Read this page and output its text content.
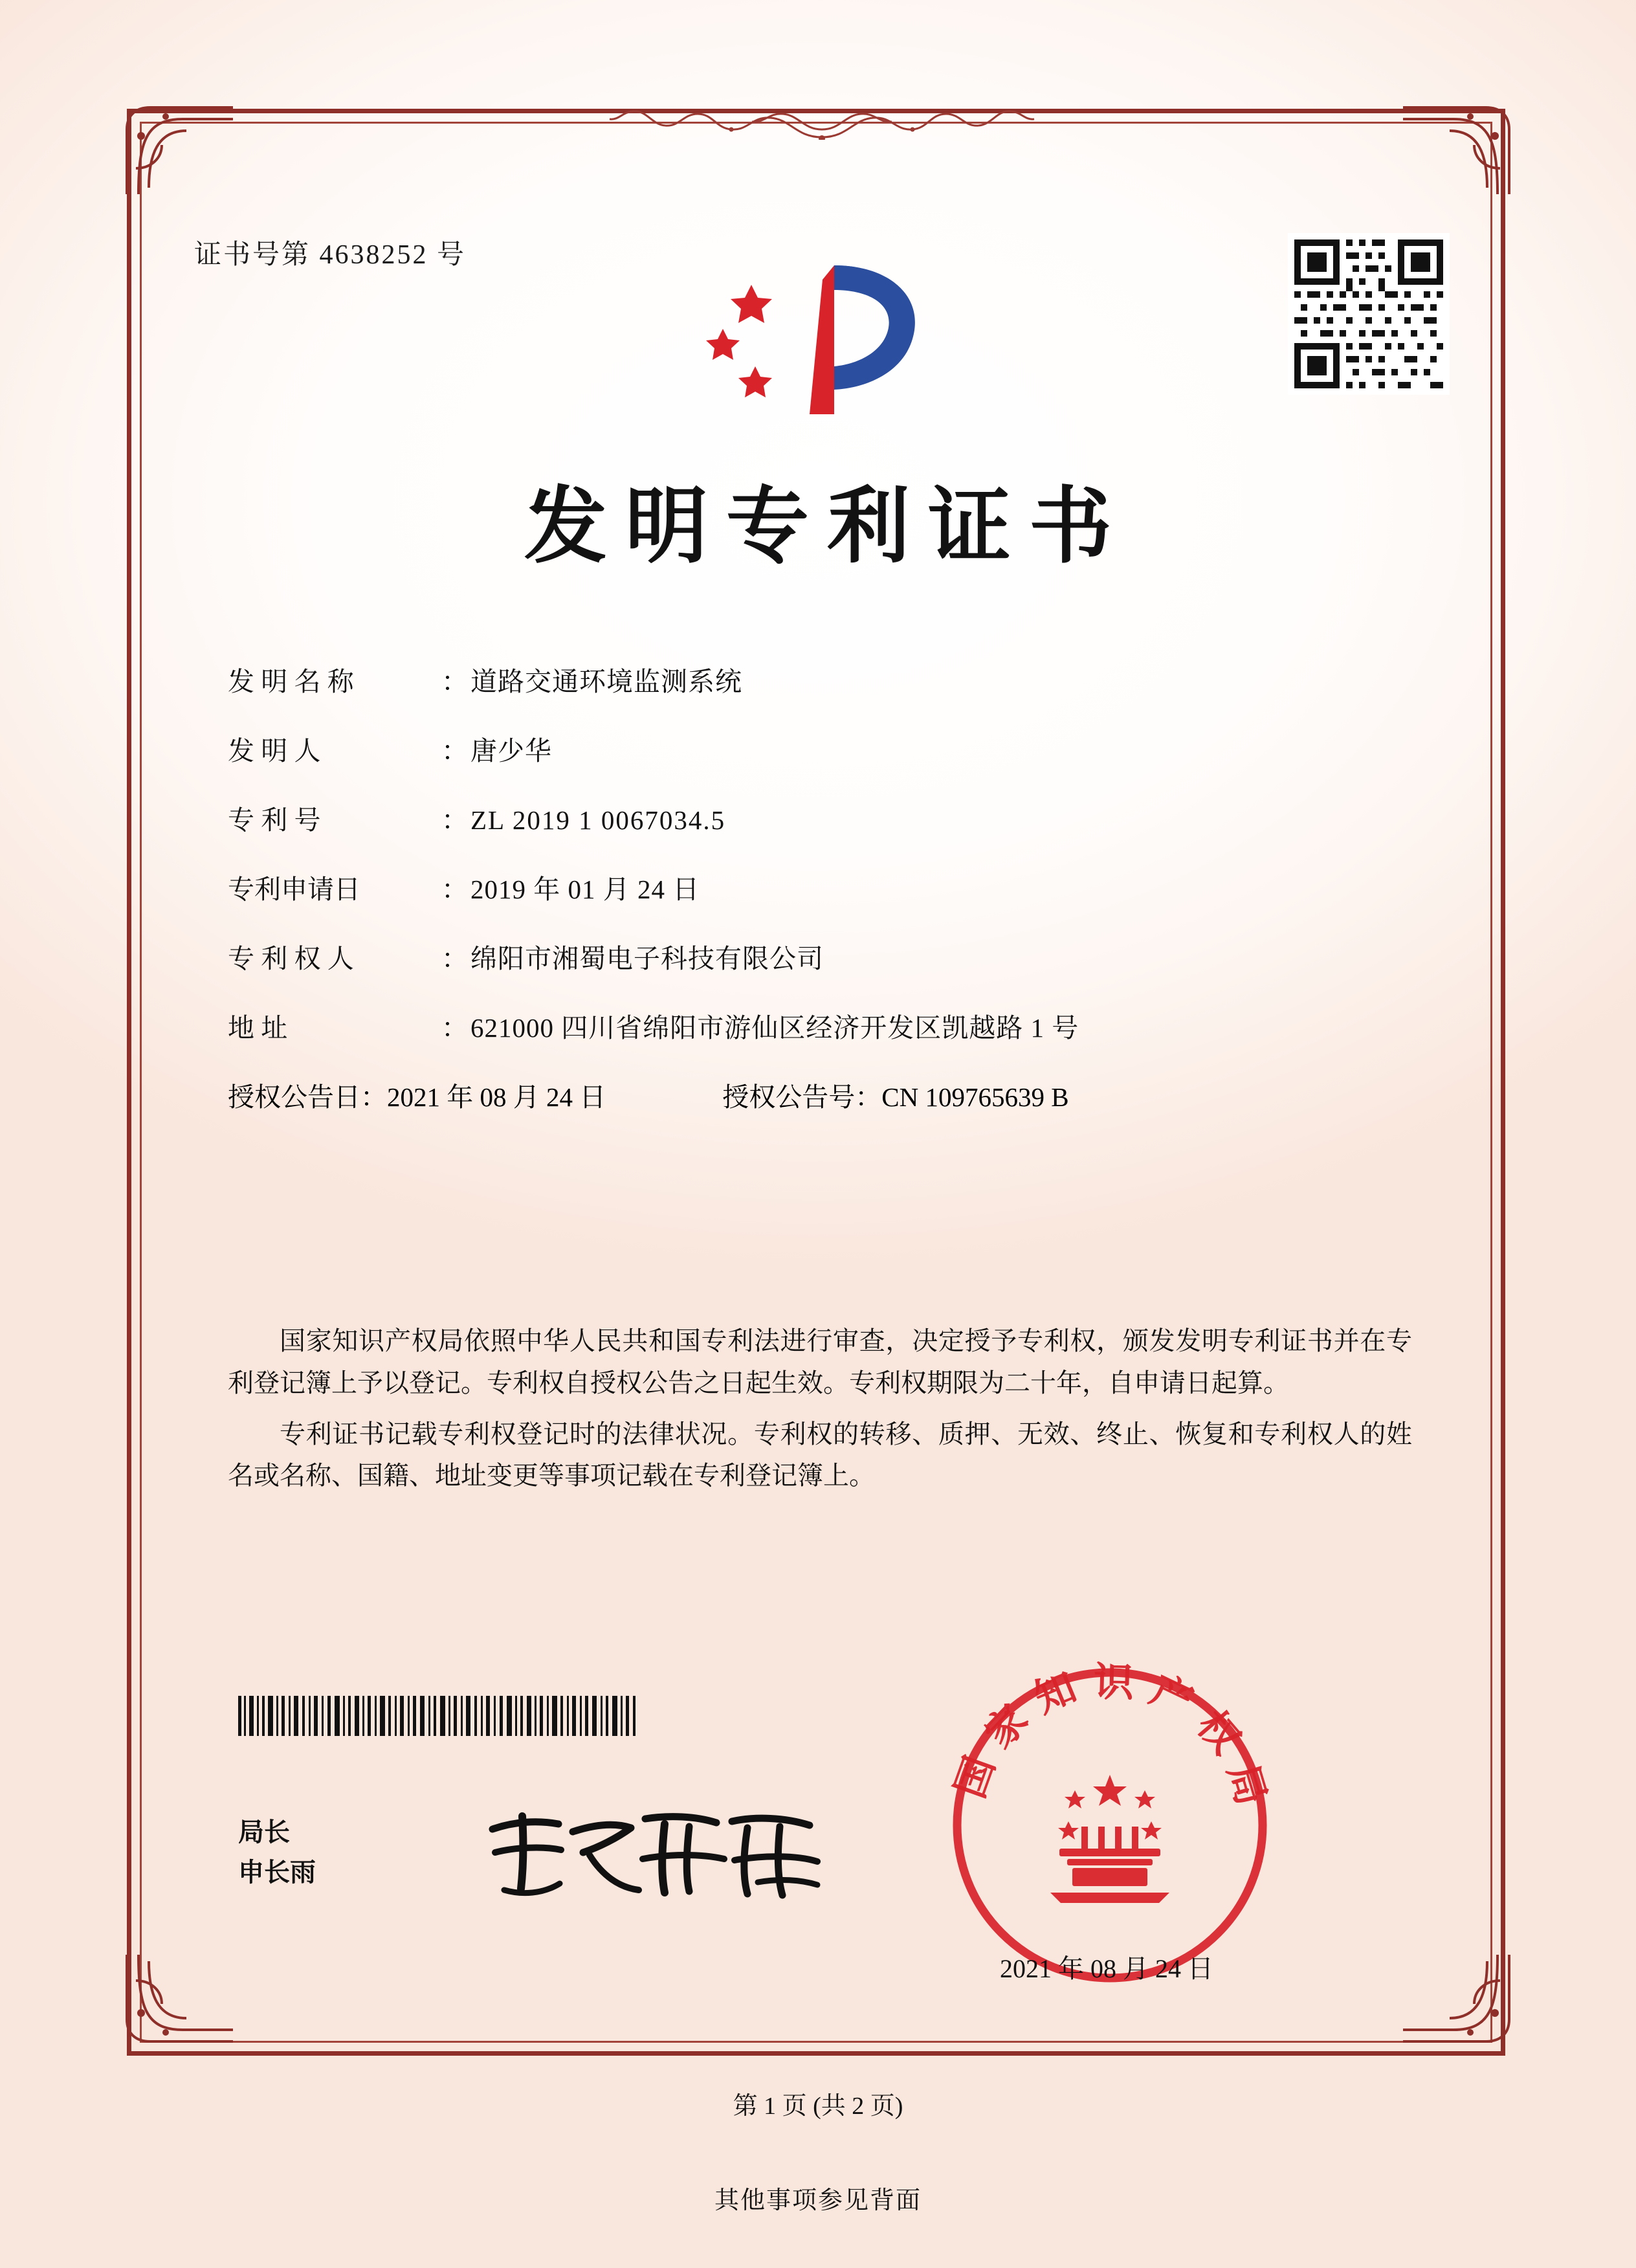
证书号第 4638252 号
发明专利证书
发 明 名 称	： 道路交通环境监测系统
发 明 人	： 唐少华
专 利 号	： ZL 2019 1 0067034.5
专利申请日	： 2019 年 01 月 24 日
专 利 权 人	： 绵阳市湘蜀电子科技有限公司
地 址	： 621000 四川省绵阳市游仙区经济开发区凯越路 1 号
授权公告日：2021 年 08 月 24 日	授权公告号：CN 109765639 B

国家知识产权局依照中华人民共和国专利法进行审查，决定授予专利权，颁发发明专利证书并在专利登记簿上予以登记。专利权自授权公告之日起生效。专利权期限为二十年，自申请日起算。

专利证书记载专利权登记时的法律状况。专利权的转移、质押、无效、终止、恢复和专利权人的姓名或名称、国籍、地址变更等事项记载在专利登记簿上。

局长
申长雨
国 家 知 识 产 权 局
2021 年 08 月 24 日
第 1 页 (共 2 页)
其他事项参见背面
